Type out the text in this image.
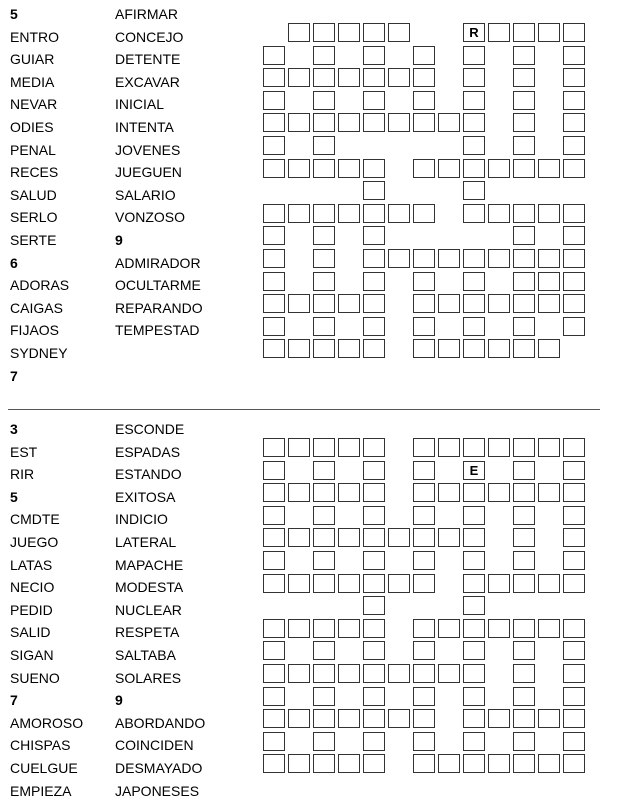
5
ENTRO
GUIAR
MEDIA
NEVAR
ODIES
PENAL
RECES
SALUD
SERLO
SERTE
6
ADORAS
CAIGAS
FIJAOS
SYDNEY
7
AFIRMAR
CONCEJO
DETENTE
EXCAVAR
INICIAL
INTENTA
JOVENES
JUEGUEN
SALARIO
VONZOSO
9
ADMIRADOR
OCULTARME
REPARANDO
TEMPESTAD
R
3
EST
RIR
5
CMDTE
JUEGO
LATAS
NECIO
PEDID
SALID
SIGAN
SUENO
7
AMOROSO
CHISPAS
CUELGUE
EMPIEZA
ESCONDE
ESPADAS
ESTANDO
EXITOSA
INDICIO
LATERAL
MAPACHE
MODESTA
NUCLEAR
RESPETA
SALTABA
SOLARES
9
ABORDANDO
COINCIDEN
DESMAYADO
JAPONESES
E
